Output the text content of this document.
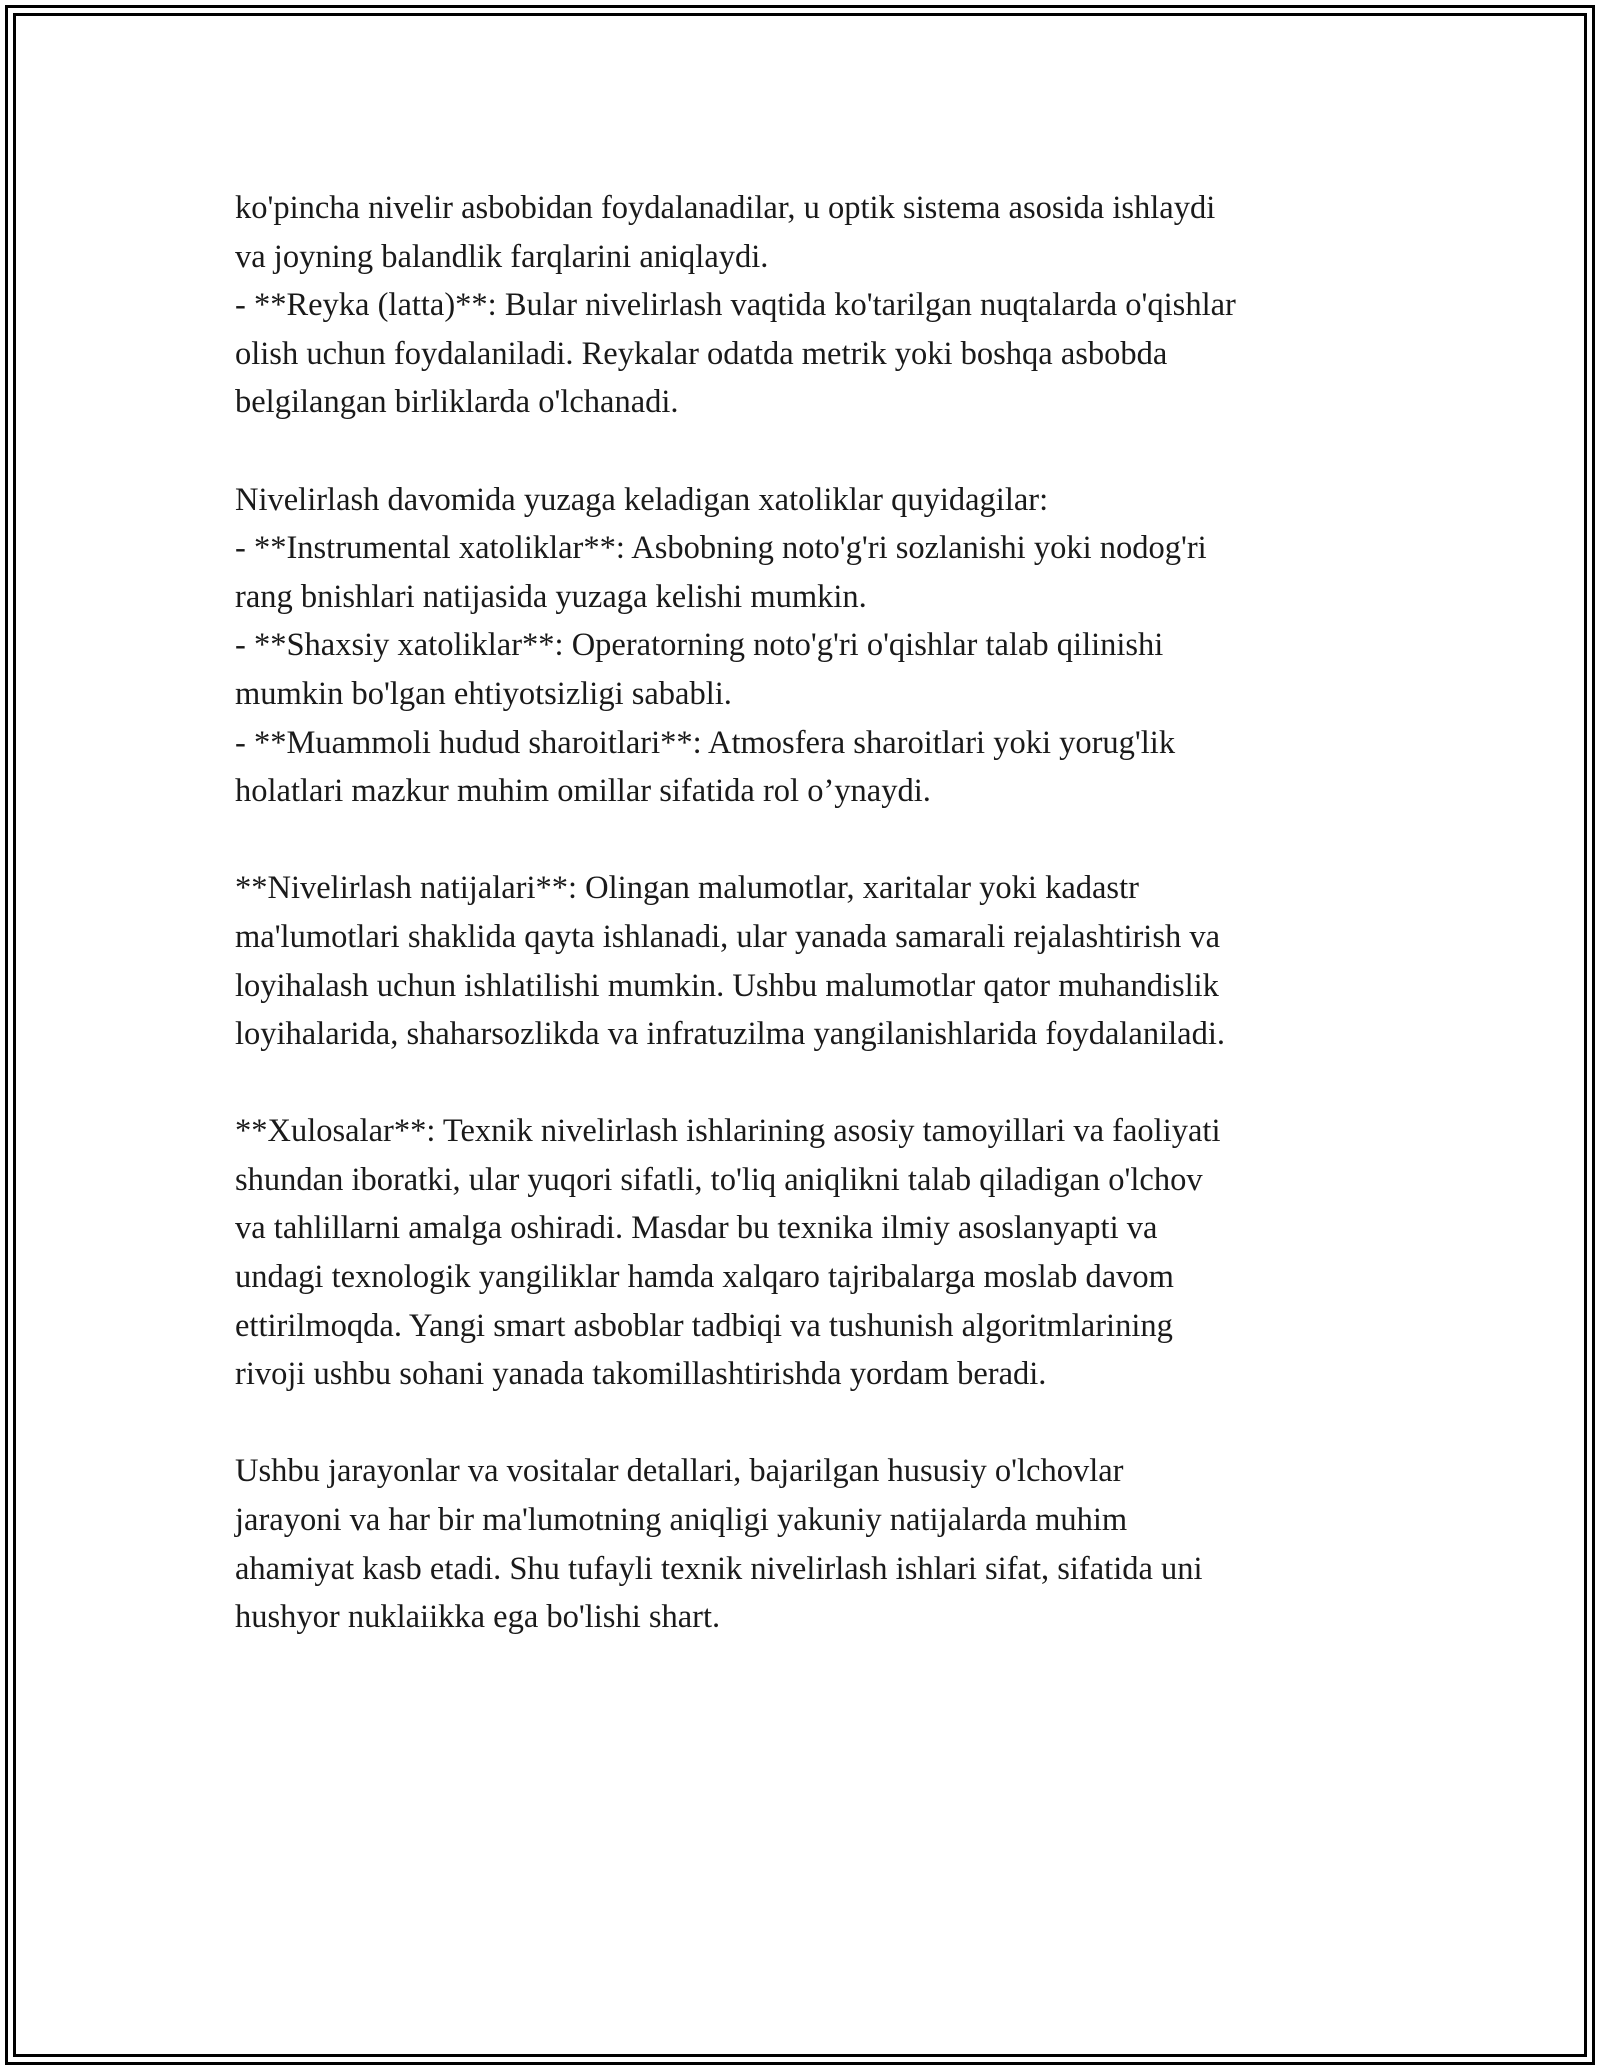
ko'pincha nivelir asbobidan foydalanadilar, u optik sistema asosida ishlaydi
va joyning balandlik farqlarini aniqlaydi.
- **Reyka (latta)**: Bular nivelirlash vaqtida ko'tarilgan nuqtalarda o'qishlar
olish uchun foydalaniladi. Reykalar odatda metrik yoki boshqa asbobda
belgilangan birliklarda o'lchanadi.

Nivelirlash davomida yuzaga keladigan xatoliklar quyidagilar:
- **Instrumental xatoliklar**: Asbobning noto'g'ri sozlanishi yoki nodog'ri
rang bnishlari natijasida yuzaga kelishi mumkin.
- **Shaxsiy xatoliklar**: Operatorning noto'g'ri o'qishlar talab qilinishi
mumkin bo'lgan ehtiyotsizligi sababli.
- **Muammoli hudud sharoitlari**: Atmosfera sharoitlari yoki yorug'lik
holatlari mazkur muhim omillar sifatida rol o’ynaydi.

**Nivelirlash natijalari**: Olingan malumotlar, xaritalar yoki kadastr
ma'lumotlari shaklida qayta ishlanadi, ular yanada samarali rejalashtirish va
loyihalash uchun ishlatilishi mumkin. Ushbu malumotlar qator muhandislik
loyihalarida, shaharsozlikda va infratuzilma yangilanishlarida foydalaniladi.

**Xulosalar**: Texnik nivelirlash ishlarining asosiy tamoyillari va faoliyati
shundan iboratki, ular yuqori sifatli, to'liq aniqlikni talab qiladigan o'lchov
va tahlillarni amalga oshiradi. Masdar bu texnika ilmiy asoslanyapti va
undagi texnologik yangiliklar hamda xalqaro tajribalarga moslab davom
ettirilmoqda. Yangi smart asboblar tadbiqi va tushunish algoritmlarining
rivoji ushbu sohani yanada takomillashtirishda yordam beradi.

Ushbu jarayonlar va vositalar detallari, bajarilgan hususiy o'lchovlar
jarayoni va har bir ma'lumotning aniqligi yakuniy natijalarda muhim
ahamiyat kasb etadi. Shu tufayli texnik nivelirlash ishlari sifat, sifatida uni
hushyor nuklaiikka ega bo'lishi shart.
